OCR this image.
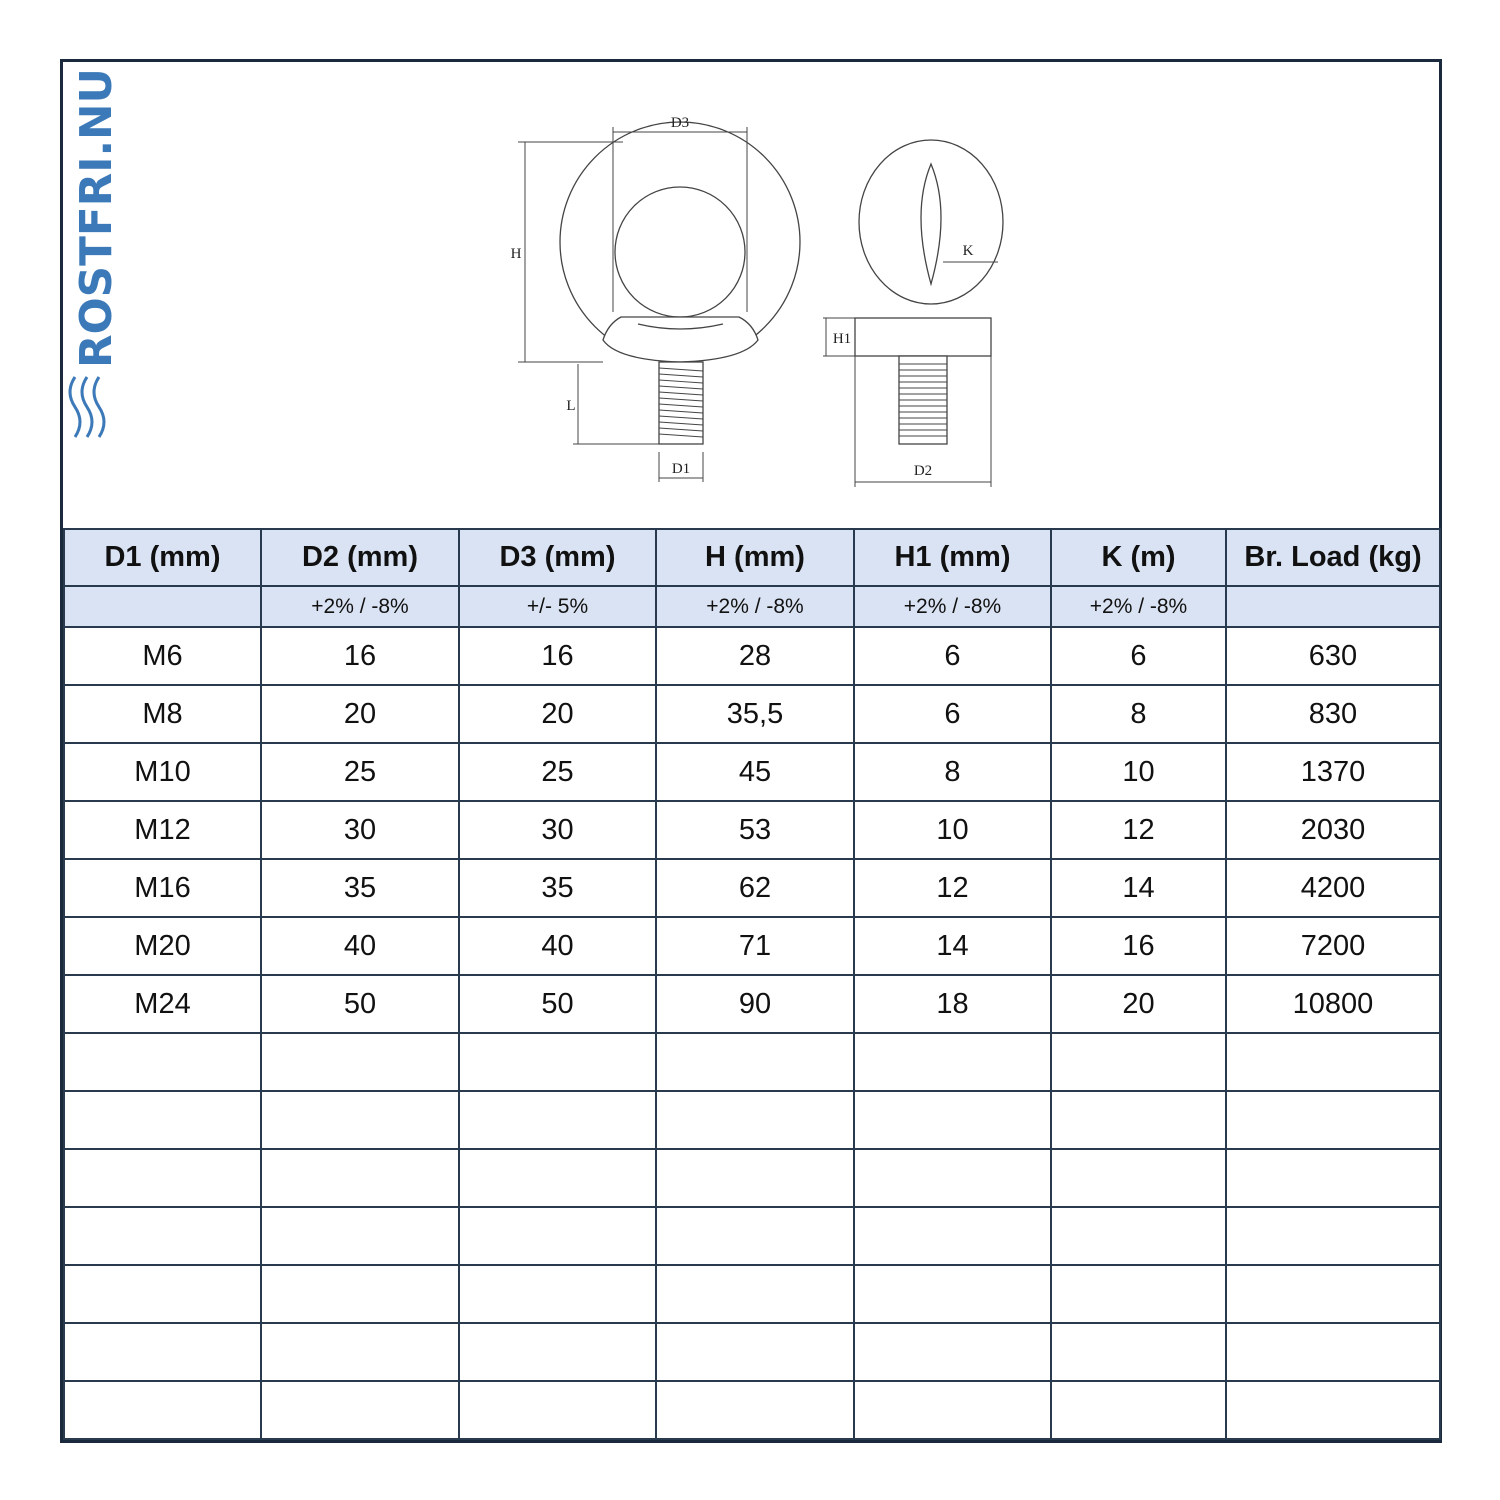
D3
H
L
D1
K
H1
D2
ROSTFRI.NU
D1 (mm)	D2 (mm)	D3 (mm)	H (mm)	H1 (mm)	K (m)	Br. Load (kg)
	+2% / -8%	+/- 5%	+2% / -8%	+2% / -8%	+2% / -8%	
M6	16	16	28	6	6	630
M8	20	20	35,5	6	8	830
M10	25	25	45	8	10	1370
M12	30	30	53	10	12	2030
M16	35	35	62	12	14	4200
M20	40	40	71	14	16	7200
M24	50	50	90	18	20	10800
